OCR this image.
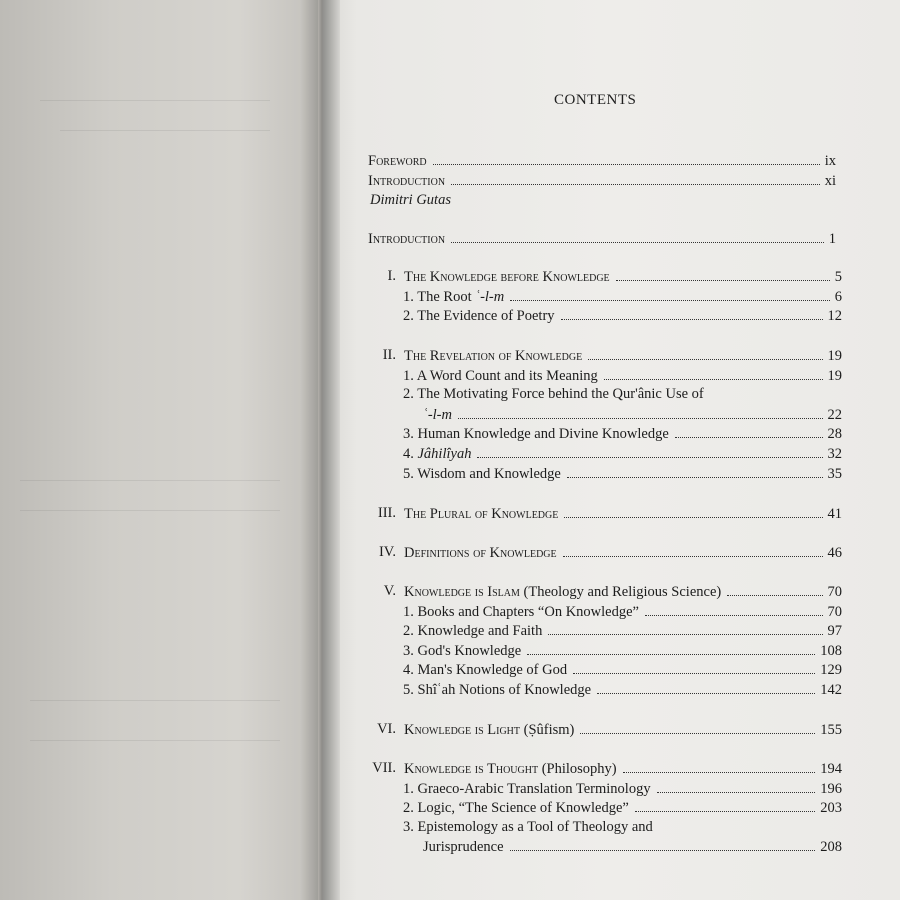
CONTENTS
Foreword	ix
Introduction	xi
Dimitri Gutas
Introduction	1
I. The Knowledge before Knowledge	5
1. The Root ʿ-l-m	6
2. The Evidence of Poetry	12
II. The Revelation of Knowledge	19
1. A Word Count and its Meaning	19
2. The Motivating Force behind the Qur'ânic Use of
ʿ-l-m	22
3. Human Knowledge and Divine Knowledge	28
4. Jâhilîyah	32
5. Wisdom and Knowledge	35
III. The Plural of Knowledge	41
IV. Definitions of Knowledge	46
V. Knowledge is Islam (Theology and Religious Science)	70
1. Books and Chapters “On Knowledge”	70
2. Knowledge and Faith	97
3. God's Knowledge	108
4. Man's Knowledge of God	129
5. Shîʿah Notions of Knowledge	142
VI. Knowledge is Light (Ṣûfism)	155
VII. Knowledge is Thought (Philosophy)	194
1. Graeco-Arabic Translation Terminology	196
2. Logic, “The Science of Knowledge”	203
3. Epistemology as a Tool of Theology and
Jurisprudence	208
